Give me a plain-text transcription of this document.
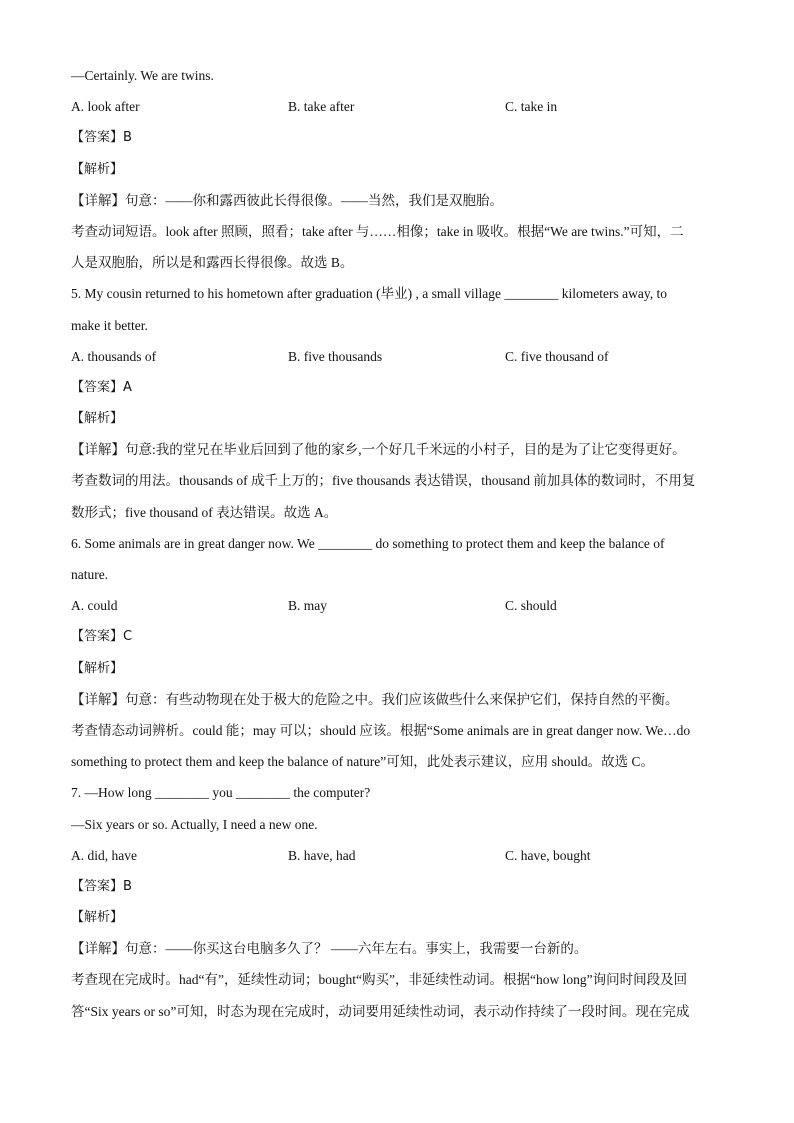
—Certainly. We are twins.
A. look after	B. take after	C. take in
【答案】B
【解析】
【详解】句意：——你和露西彼此长得很像。——当然，我们是双胞胎。
考查动词短语。look after 照顾，照看；take after 与……相像；take in 吸收。根据“We are twins.”可知，二
人是双胞胎，所以是和露西长得很像。故选 B。
5. My cousin returned to his hometown after graduation (毕业) , a small village ________ kilometers away, to
make it better.
A. thousands of	B. five thousands	C. five thousand of
【答案】A
【解析】
【详解】句意:我的堂兄在毕业后回到了他的家乡,一个好几千米远的小村子，目的是为了让它变得更好。
考查数词的用法。thousands of 成千上万的；five thousands 表达错误，thousand 前加具体的数词时，不用复
数形式；five thousand of 表达错误。故选 A。
6. Some animals are in great danger now. We ________ do something to protect them and keep the balance of
nature.
A. could	B. may	C. should
【答案】C
【解析】
【详解】句意：有些动物现在处于极大的危险之中。我们应该做些什么来保护它们，保持自然的平衡。
考查情态动词辨析。could 能；may 可以；should 应该。根据“Some animals are in great danger now. We…do
something to protect them and keep the balance of nature”可知，此处表示建议，应用 should。故选 C。
7. —How long ________ you ________ the computer?
—Six years or so. Actually, I need a new one.
A. did, have	B. have, had	C. have, bought
【答案】B
【解析】
【详解】句意：——你买这台电脑多久了？ ——六年左右。事实上，我需要一台新的。
考查现在完成时。had“有”，延续性动词；bought“购买”，非延续性动词。根据“how long”询问时间段及回
答“Six years or so”可知，时态为现在完成时，动词要用延续性动词，表示动作持续了一段时间。现在完成
